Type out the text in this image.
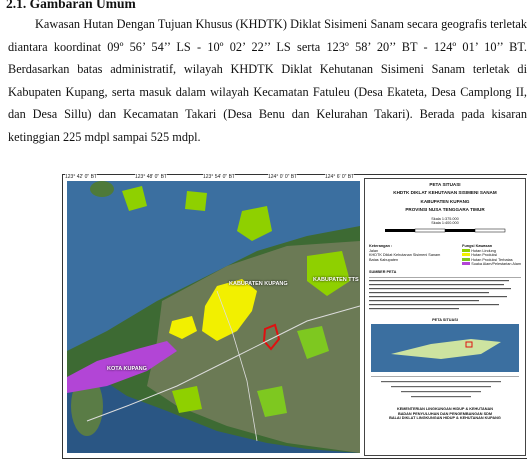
2.1. Gambaran Umum

Kawasan Hutan Dengan Tujuan Khusus (KHDTK) Diklat Sisimeni Sanam secara geografis terletak diantara koordinat 09º 56’ 54’’ LS - 10º 02’ 22’’ LS serta 123º 58’ 20’’ BT - 124º 01’ 10’’ BT. Berdasarkan batas administratif, wilayah KHDTK Diklat Kehutanan Sisimeni Sanam terletak di Kabupaten Kupang, serta masuk dalam wilayah Kecamatan Fatuleu (Desa Ekateta, Desa Camplong II, dan Desa Sillu) dan Kecamatan Takari (Desa Benu dan Kelurahan Takari). Berada pada kisaran ketinggian 225 mdpl sampai 525 mdpl.

KABUPATEN KUPANG
KABUPATEN TTS
KOTA KUPANG
123° 42' 0" BT	123° 48' 0" BT	123° 54' 0" BT	124° 0' 0" BT	124° 6' 0" BT
PETA SITUASI
KHDTK DIKLAT KEHUTANAN SISIMENI SANAM
KABUPATEN KUPANG
PROVINSI NUSA TENGGARA TIMUR
Skala 1:375.000
Skala 1:400.000
Keterangan :
Jalan
KHDTK Diklat Kehutanan Sisimeni Sanam
Batas Kabupaten
Fungsi Kawasan
Hutan Lindung
Hutan Produksi
Hutan Produksi Terbatas
Suaka Alam/Pelestarian Alam
SUMBER PETA
PETA SITUASI
KEMENTERIAN LINGKUNGAN HIDUP & KEHUTANAN
BADAN PENYULUHAN DAN PENGEMBANGAN SDM
BALAI DIKLAT LINGKUNGAN HIDUP & KEHUTANAN KUPANG
